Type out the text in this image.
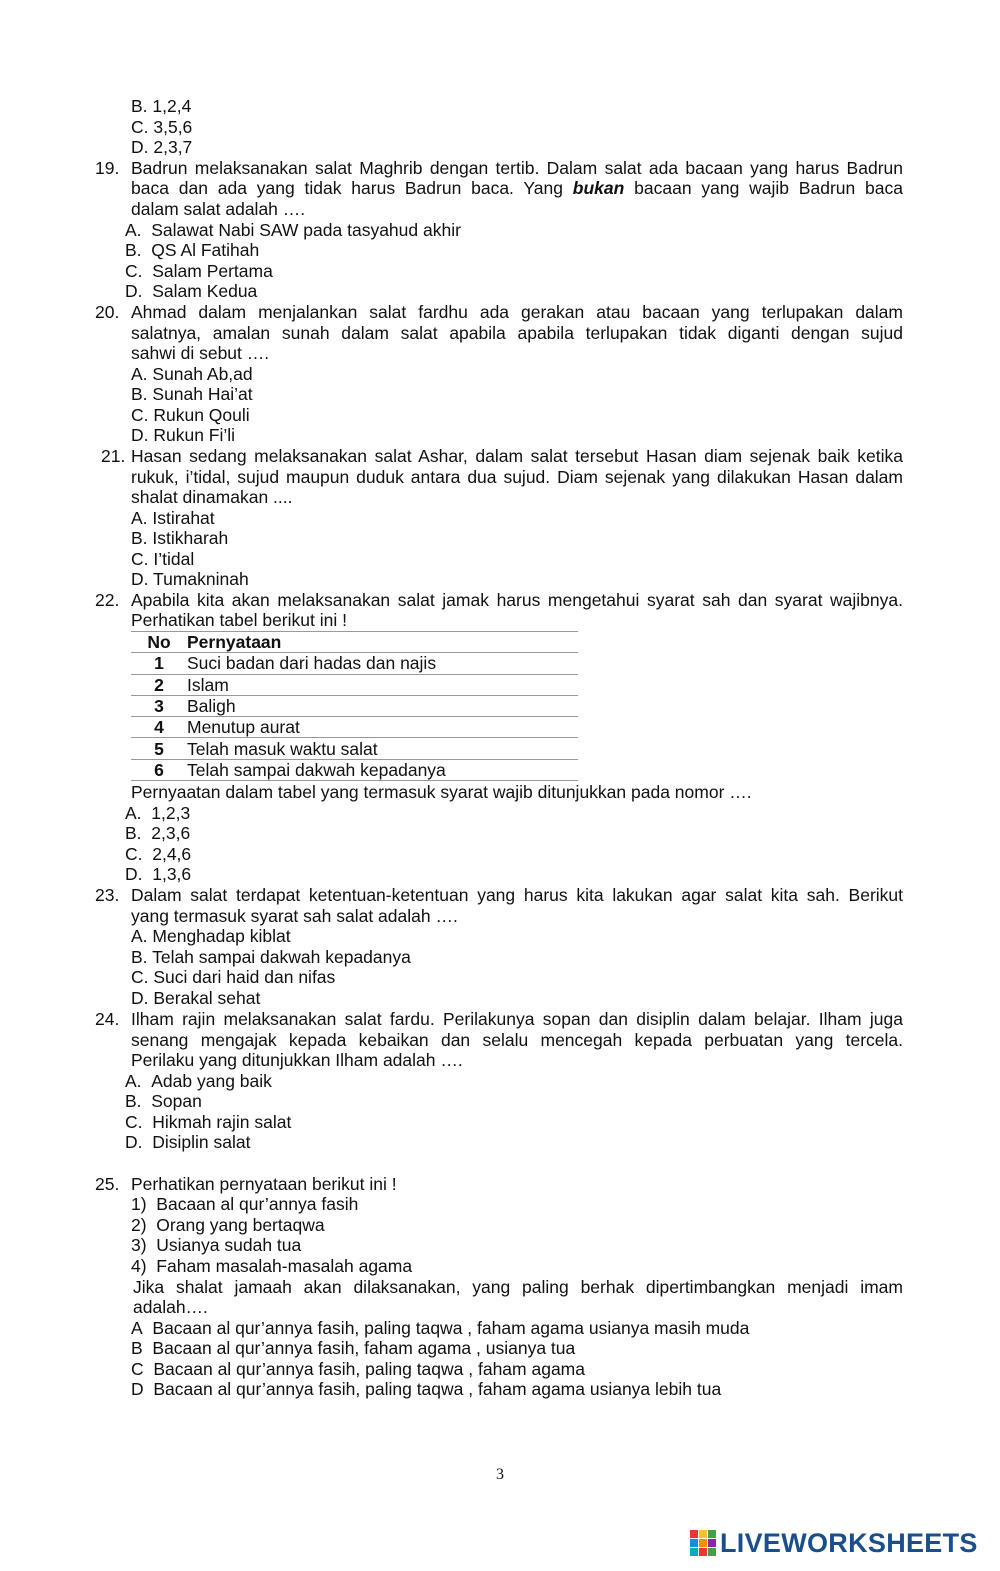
B. 1,2,4
C. 3,5,6
D. 2,3,7
19. Badrun melaksanakan salat Maghrib dengan tertib. Dalam salat ada bacaan yang harus Badrun
baca dan ada yang tidak harus Badrun baca. Yang bukan bacaan yang wajib Badrun baca
dalam salat adalah ….
A.  Salawat Nabi SAW pada tasyahud akhir
B.  QS Al Fatihah
C.  Salam Pertama
D.  Salam Kedua
20. Ahmad dalam menjalankan salat fardhu ada gerakan atau bacaan yang terlupakan dalam
salatnya, amalan sunah dalam salat apabila apabila terlupakan tidak diganti dengan sujud
sahwi di sebut ….
A. Sunah Ab,ad
B. Sunah Hai’at
C. Rukun Qouli
D. Rukun Fi’li
21. Hasan sedang melaksanakan salat Ashar, dalam salat tersebut Hasan diam sejenak baik ketika
rukuk, i’tidal, sujud maupun duduk antara dua sujud. Diam sejenak yang dilakukan Hasan dalam
shalat dinamakan ....
A. Istirahat
B. Istikharah
C. I’tidal
D. Tumakninah
22. Apabila kita akan melaksanakan salat jamak harus mengetahui syarat sah dan syarat wajibnya.
Perhatikan tabel berikut ini !
No	Pernyataan
1	Suci badan dari hadas dan najis
2	Islam
3	Baligh
4	Menutup aurat
5	Telah masuk waktu salat
6	Telah sampai dakwah kepadanya
Pernyaatan dalam tabel yang termasuk syarat wajib ditunjukkan pada nomor ….
A.  1,2,3
B.  2,3,6
C.  2,4,6
D.  1,3,6
23. Dalam salat terdapat ketentuan-ketentuan yang harus kita lakukan agar salat kita sah. Berikut
yang termasuk syarat sah salat adalah ….
A. Menghadap kiblat
B. Telah sampai dakwah kepadanya
C. Suci dari haid dan nifas
D. Berakal sehat
24. Ilham rajin melaksanakan salat fardu. Perilakunya sopan dan disiplin dalam belajar. Ilham juga
senang mengajak kepada kebaikan dan selalu mencegah kepada perbuatan yang tercela.
Perilaku yang ditunjukkan Ilham adalah ….
A.  Adab yang baik
B.  Sopan
C.  Hikmah rajin salat
D.  Disiplin salat
25. Perhatikan pernyataan berikut ini !
1)  Bacaan al qur’annya fasih
2)  Orang yang bertaqwa
3)  Usianya sudah tua
4)  Faham masalah-masalah agama
Jika shalat jamaah akan dilaksanakan, yang paling berhak dipertimbangkan menjadi imam
adalah….
A  Bacaan al qur’annya fasih, paling taqwa , faham agama usianya masih muda
B  Bacaan al qur’annya fasih, faham agama , usianya tua
C  Bacaan al qur’annya fasih, paling taqwa , faham agama
D  Bacaan al qur’annya fasih, paling taqwa , faham agama usianya lebih tua
3
LIVEWORKSHEETS
